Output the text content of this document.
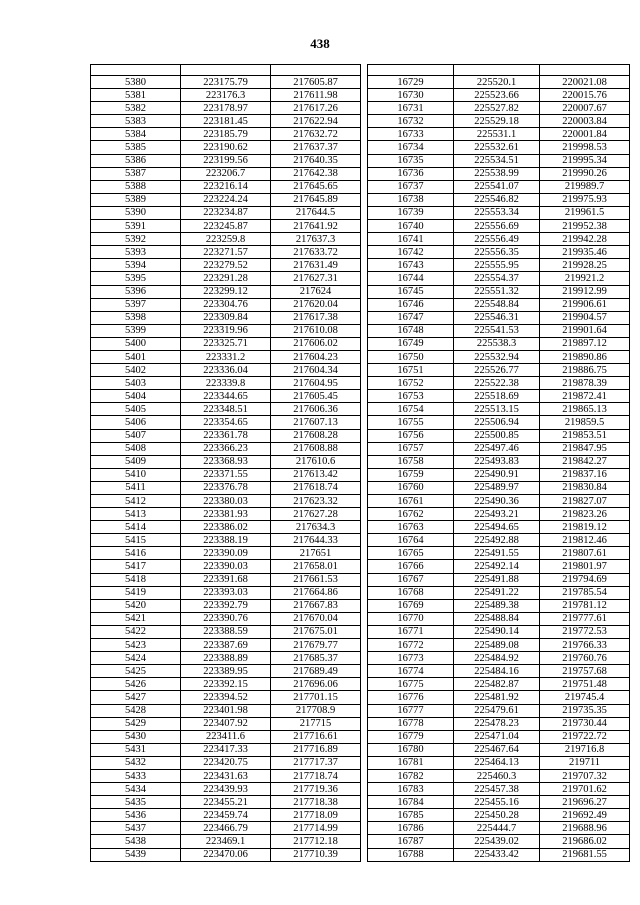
438

5380	223175.79	217605.87		16729	225520.1	220021.08
5381	223176.3	217611.98		16730	225523.66	220015.76
5382	223178.97	217617.26		16731	225527.82	220007.67
5383	223181.45	217622.94		16732	225529.18	220003.84
5384	223185.79	217632.72		16733	225531.1	220001.84
5385	223190.62	217637.37		16734	225532.61	219998.53
5386	223199.56	217640.35		16735	225534.51	219995.34
5387	223206.7	217642.38		16736	225538.99	219990.26
5388	223216.14	217645.65		16737	225541.07	219989.7
5389	223224.24	217645.89		16738	225546.82	219975.93
5390	223234.87	217644.5		16739	225553.34	219961.5
5391	223245.87	217641.92		16740	225556.69	219952.38
5392	223259.8	217637.3		16741	225556.49	219942.28
5393	223271.57	217633.72		16742	225556.35	219935.46
5394	223279.52	217631.49		16743	225555.95	219928.25
5395	223291.28	217627.31		16744	225554.37	219921.2
5396	223299.12	217624		16745	225551.32	219912.99
5397	223304.76	217620.04		16746	225548.84	219906.61
5398	223309.84	217617.38		16747	225546.31	219904.57
5399	223319.96	217610.08		16748	225541.53	219901.64
5400	223325.71	217606.02		16749	225538.3	219897.12
5401	223331.2	217604.23		16750	225532.94	219890.86
5402	223336.04	217604.34		16751	225526.77	219886.75
5403	223339.8	217604.95		16752	225522.38	219878.39
5404	223344.65	217605.45		16753	225518.69	219872.41
5405	223348.51	217606.36		16754	225513.15	219865.13
5406	223354.65	217607.13		16755	225506.94	219859.5
5407	223361.78	217608.28		16756	225500.85	219853.51
5408	223366.23	217608.88		16757	225497.46	219847.95
5409	223368.93	217610.6		16758	225493.83	219842.27
5410	223371.55	217613.42		16759	225490.91	219837.16
5411	223376.78	217618.74		16760	225489.97	219830.84
5412	223380.03	217623.32		16761	225490.36	219827.07
5413	223381.93	217627.28		16762	225493.21	219823.26
5414	223386.02	217634.3		16763	225494.65	219819.12
5415	223388.19	217644.33		16764	225492.88	219812.46
5416	223390.09	217651		16765	225491.55	219807.61
5417	223390.03	217658.01		16766	225492.14	219801.97
5418	223391.68	217661.53		16767	225491.88	219794.69
5419	223393.03	217664.86		16768	225491.22	219785.54
5420	223392.79	217667.83		16769	225489.38	219781.12
5421	223390.76	217670.04		16770	225488.84	219777.61
5422	223388.59	217675.01		16771	225490.14	219772.53
5423	223387.69	217679.77		16772	225489.08	219766.33
5424	223388.89	217685.37		16773	225484.92	219760.76
5425	223389.95	217689.49		16774	225484.16	219757.68
5426	223392.15	217696.06		16775	225482.87	219751.48
5427	223394.52	217701.15		16776	225481.92	219745.4
5428	223401.98	217708.9		16777	225479.61	219735.35
5429	223407.92	217715		16778	225478.23	219730.44
5430	223411.6	217716.61		16779	225471.04	219722.72
5431	223417.33	217716.89		16780	225467.64	219716.8
5432	223420.75	217717.37		16781	225464.13	219711
5433	223431.63	217718.74		16782	225460.3	219707.32
5434	223439.93	217719.36		16783	225457.38	219701.62
5435	223455.21	217718.38		16784	225455.16	219696.27
5436	223459.74	217718.09		16785	225450.28	219692.49
5437	223466.79	217714.99		16786	225444.7	219688.96
5438	223469.1	217712.18		16787	225439.02	219686.02
5439	223470.06	217710.39		16788	225433.42	219681.55
